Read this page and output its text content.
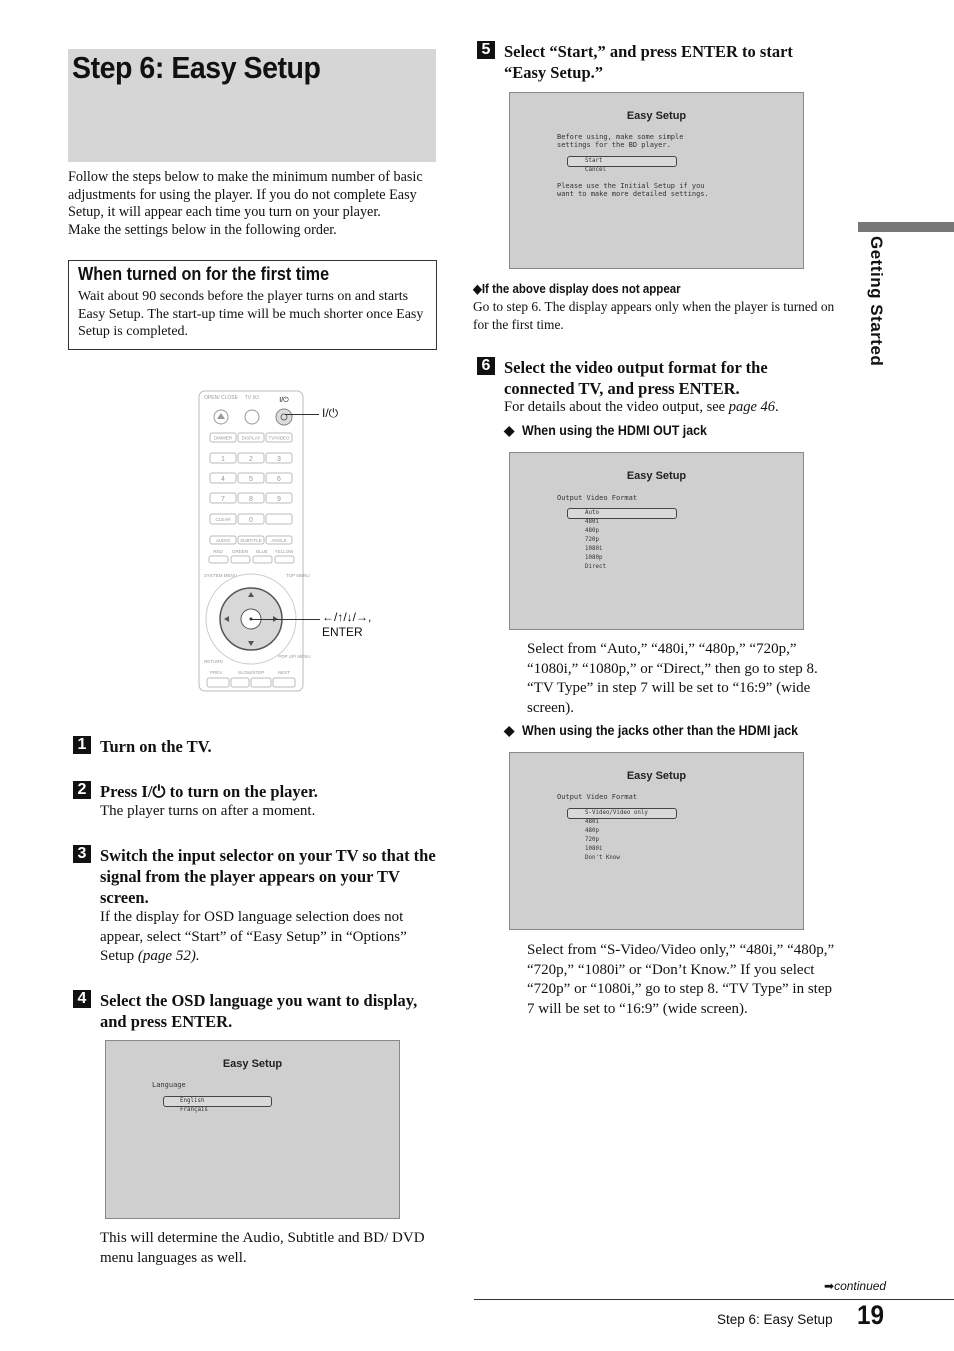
Step 6: Easy Setup
Follow the steps below to make the minimum number of basic adjustments for using the player. If you do not complete Easy Setup, it will appear each time you turn on your player.
Make the settings below in the following order.
When turned on for the first time
Wait about 90 seconds before the player turns on and starts Easy Setup. The start-up time will be much shorter once Easy Setup is completed.
OPEN/ CLOSE TV I/⏻	I/⏻
DIMMER DISPLAY TV/VIDEO
1	2	3
4	5	6
7	8	9
0
CLEAR
AUDIO SUBTITLE ANGLE
RED GREEN BLUE YELLOW
SYSTEM MENU	TOP MENU
RETURN
POP UP/ MENU
PREV	SLOW/STEP	NEXT
I/⏻
←/↑/↓/→,
ENTER
1 Turn on the TV.
2 Press I/⏻ to turn on the player.
The player turns on after a moment.
3 Switch the input selector on your TV so that the signal from the player appears on your TV screen.
If the display for OSD language selection does not appear, select “Start” of “Easy Setup” in “Options” Setup (page 52).
4 Select the OSD language you want to display, and press ENTER.
Easy Setup
Language
English
Français
This will determine the Audio, Subtitle and BD/ DVD menu languages as well.
5 Select “Start,” and press ENTER to start “Easy Setup.”
Easy Setup
Before using, make some simple
settings for the BD player.
Start
Cancel
Please use the Initial Setup if you
want to make more detailed settings.
◆If the above display does not appear
Go to step 6. The display appears only when the player is turned on for the first time.
6 Select the video output format for the connected TV, and press ENTER.
For details about the video output, see page 46.
◆ When using the HDMI OUT jack
Easy Setup
Output Video Format
Auto
480i
480p
720p
1080i
1080p
Direct
Select from “Auto,” “480i,” “480p,” “720p,” “1080i,” “1080p,” or “Direct,” then go to step 8. “TV Type” in step 7 will be set to “16:9” (wide screen).
◆ When using the jacks other than the HDMI jack
Easy Setup
Output Video Format
S-Video/Video only
480i
480p
720p
1080i
Don't Know
Select from “S-Video/Video only,” “480i,” “480p,” “720p,” “1080i” or “Don’t Know.” If you select “720p” or “1080i,” go to step 8. “TV Type” in step 7 will be set to “16:9” (wide screen).
Getting Started
➡continued
Step 6: Easy Setup 19
